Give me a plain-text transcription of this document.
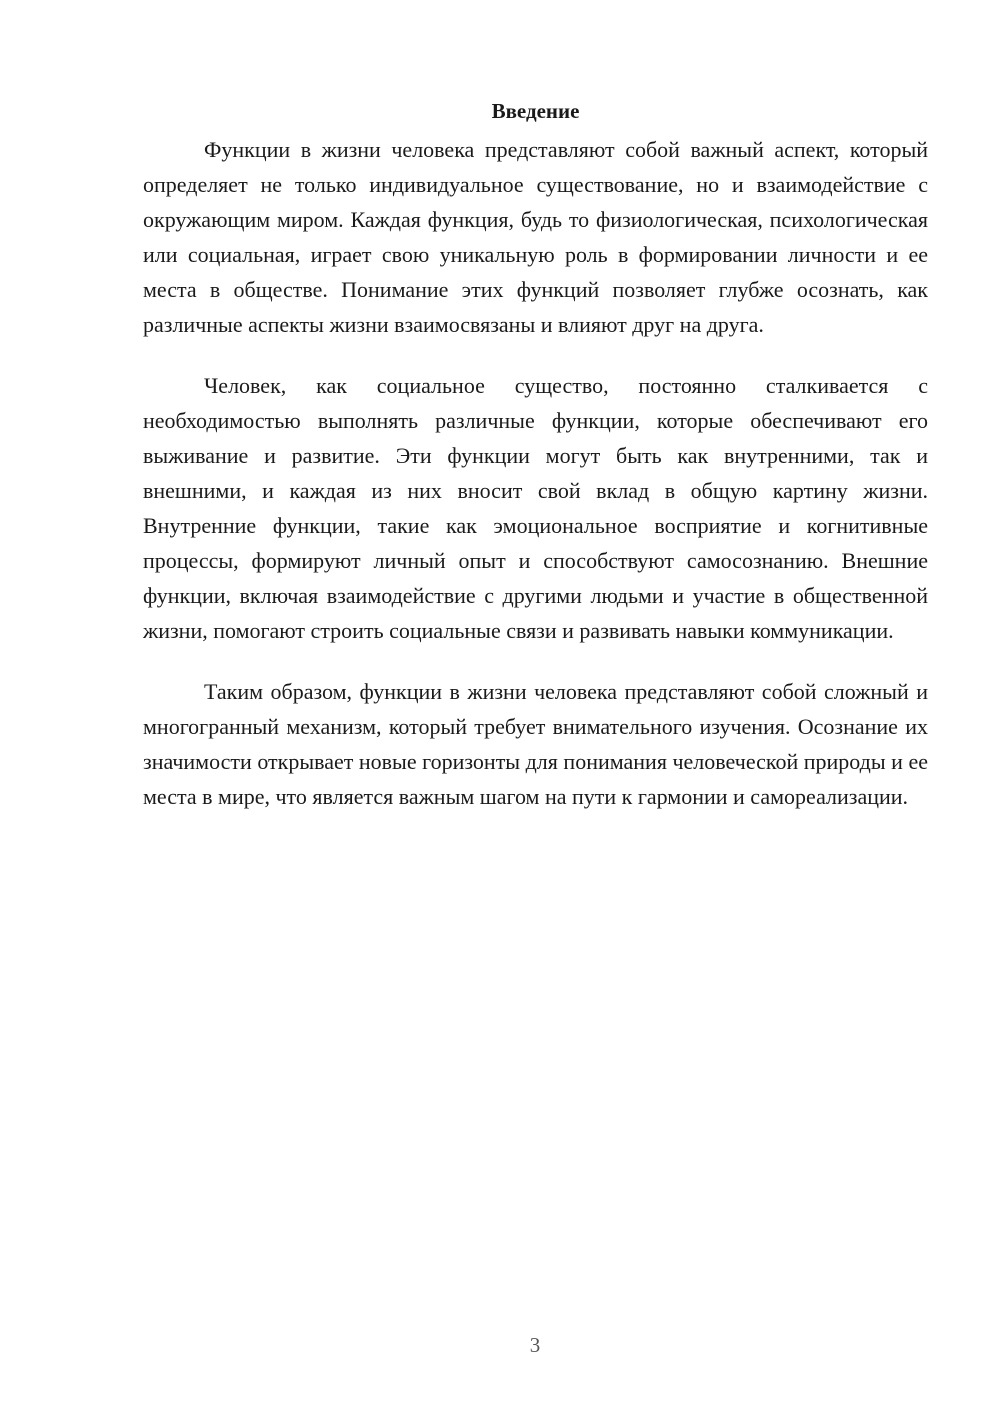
Введение

Функции в жизни человека представляют собой важный аспект, который определяет не только индивидуальное существование, но и взаимодействие с окружающим миром. Каждая функция, будь то физиологическая, психологическая или социальная, играет свою уникальную роль в формировании личности и ее места в обществе. Понимание этих функций позволяет глубже осознать, как различные аспекты жизни взаимосвязаны и влияют друг на друга.

Человек, как социальное существо, постоянно сталкивается с необходимостью выполнять различные функции, которые обеспечивают его выживание и развитие. Эти функции могут быть как внутренними, так и внешними, и каждая из них вносит свой вклад в общую картину жизни. Внутренние функции, такие как эмоциональное восприятие и когнитивные процессы, формируют личный опыт и способствуют самосознанию. Внешние функции, включая взаимодействие с другими людьми и участие в общественной жизни, помогают строить социальные связи и развивать навыки коммуникации.

Таким образом, функции в жизни человека представляют собой сложный и многогранный механизм, который требует внимательного изучения. Осознание их значимости открывает новые горизонты для понимания человеческой природы и ее места в мире, что является важным шагом на пути к гармонии и самореализации.

3
